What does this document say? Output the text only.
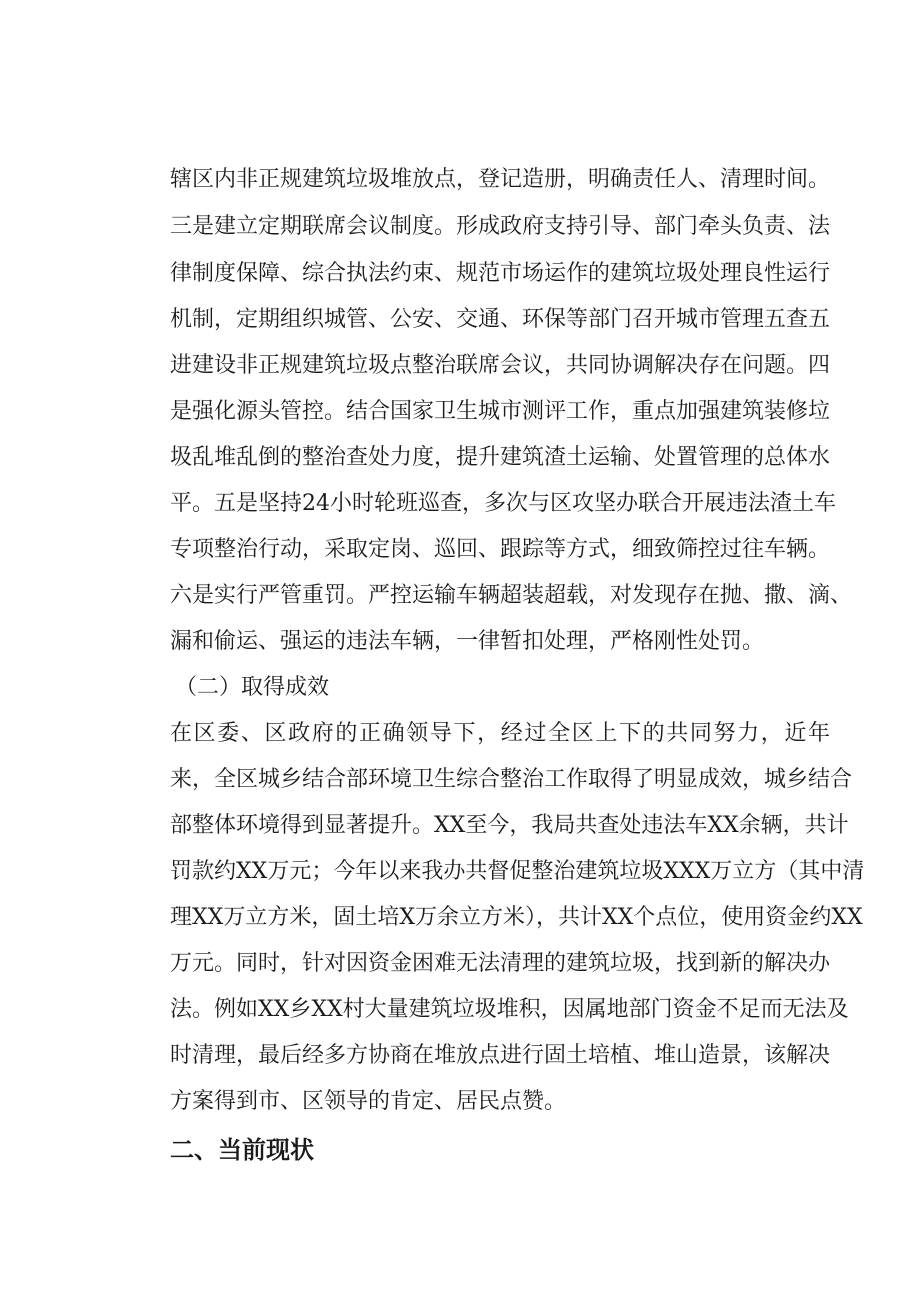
辖区内非正规建筑垃圾堆放点，登记造册，明确责任人、清理时间。
三是建立定期联席会议制度。形成政府支持引导、部门牵头负责、法
律制度保障、综合执法约束、规范市场运作的建筑垃圾处理良性运行
机制，定期组织城管、公安、交通、环保等部门召开城市管理五查五
进建设非正规建筑垃圾点整治联席会议，共同协调解决存在问题。四
是强化源头管控。结合国家卫生城市测评工作，重点加强建筑装修垃
圾乱堆乱倒的整治查处力度，提升建筑渣土运输、处置管理的总体水
平。五是坚持24小时轮班巡查，多次与区攻坚办联合开展违法渣土车
专项整治行动，采取定岗、巡回、跟踪等方式，细致筛控过往车辆。
六是实行严管重罚。严控运输车辆超装超载，对发现存在抛、撒、滴、
漏和偷运、强运的违法车辆，一律暂扣处理，严格刚性处罚。
（二）取得成效
在区委、区政府的正确领导下，经过全区上下的共同努力，近年
来，全区城乡结合部环境卫生综合整治工作取得了明显成效，城乡结合
部整体环境得到显著提升。XX至今，我局共查处违法车XX余辆，共计
罚款约XX万元；今年以来我办共督促整治建筑垃圾XXX万立方（其中清
理XX万立方米，固土培X万余立方米），共计XX个点位，使用资金约XX
万元。同时，针对因资金困难无法清理的建筑垃圾，找到新的解决办
法。例如XX乡XX村大量建筑垃圾堆积，因属地部门资金不足而无法及
时清理，最后经多方协商在堆放点进行固土培植、堆山造景，该解决
方案得到市、区领导的肯定、居民点赞。
二、当前现状
